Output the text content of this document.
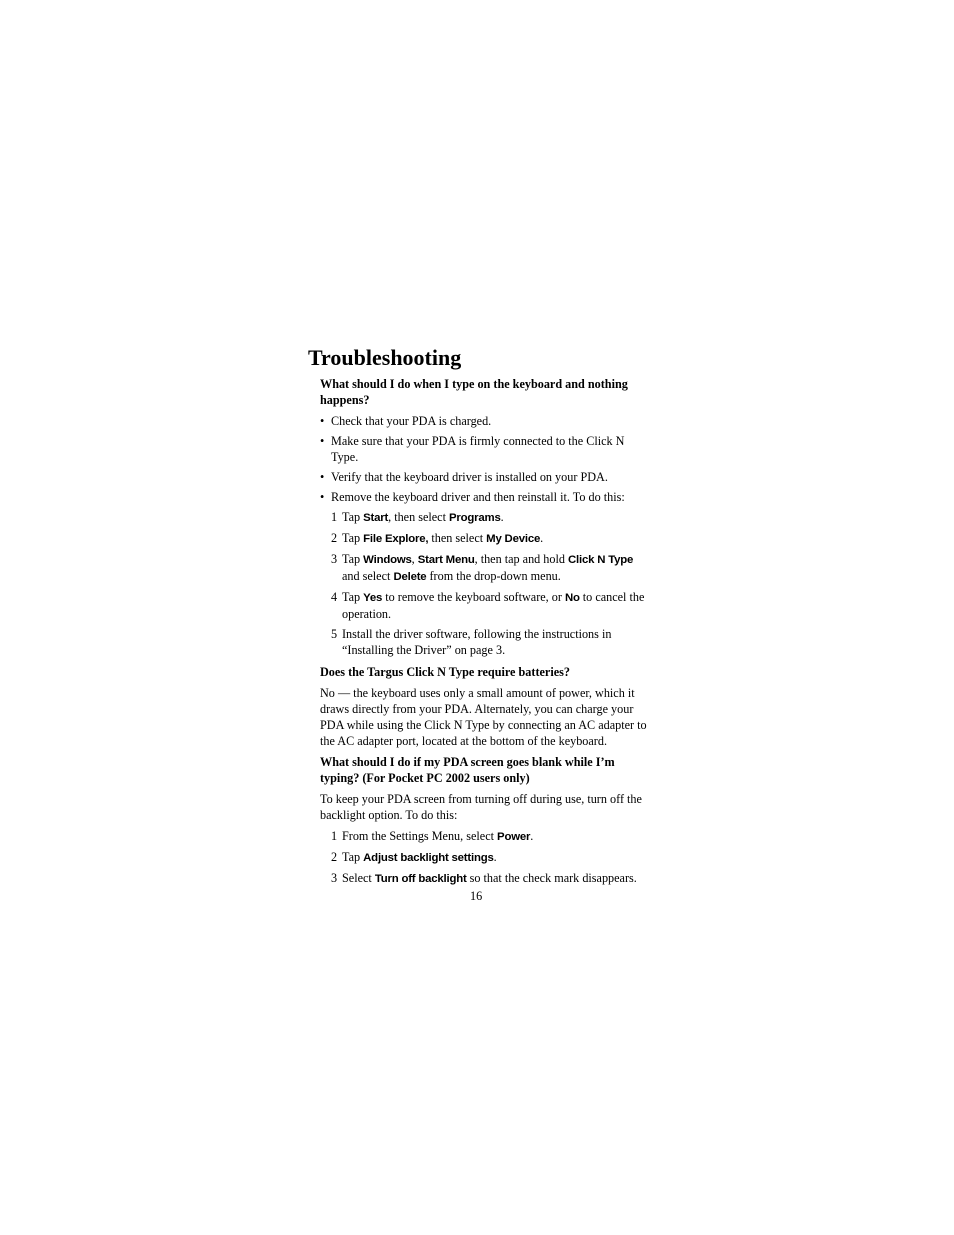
Troubleshooting
What should I do when I type on the keyboard and nothing happens?
• Check that your PDA is charged.
• Make sure that your PDA is firmly connected to the Click N Type.
• Verify that the keyboard driver is installed on your PDA.
• Remove the keyboard driver and then reinstall it. To do this:
1 Tap Start, then select Programs.
2 Tap File Explore, then select My Device.
3 Tap Windows, Start Menu, then tap and hold Click N Type and select Delete from the drop-down menu.
4 Tap Yes to remove the keyboard software, or No to cancel the operation.
5 Install the driver software, following the instructions in “Installing the Driver” on page 3.
Does the Targus Click N Type require batteries?
No — the keyboard uses only a small amount of power, which it draws directly from your PDA. Alternately, you can charge your PDA while using the Click N Type by connecting an AC adapter to the AC adapter port, located at the bottom of the keyboard.
What should I do if my PDA screen goes blank while I’m typing? (For Pocket PC 2002 users only)
To keep your PDA screen from turning off during use, turn off the backlight option. To do this:
1 From the Settings Menu, select Power.
2 Tap Adjust backlight settings.
3 Select Turn off backlight so that the check mark disappears.
16
